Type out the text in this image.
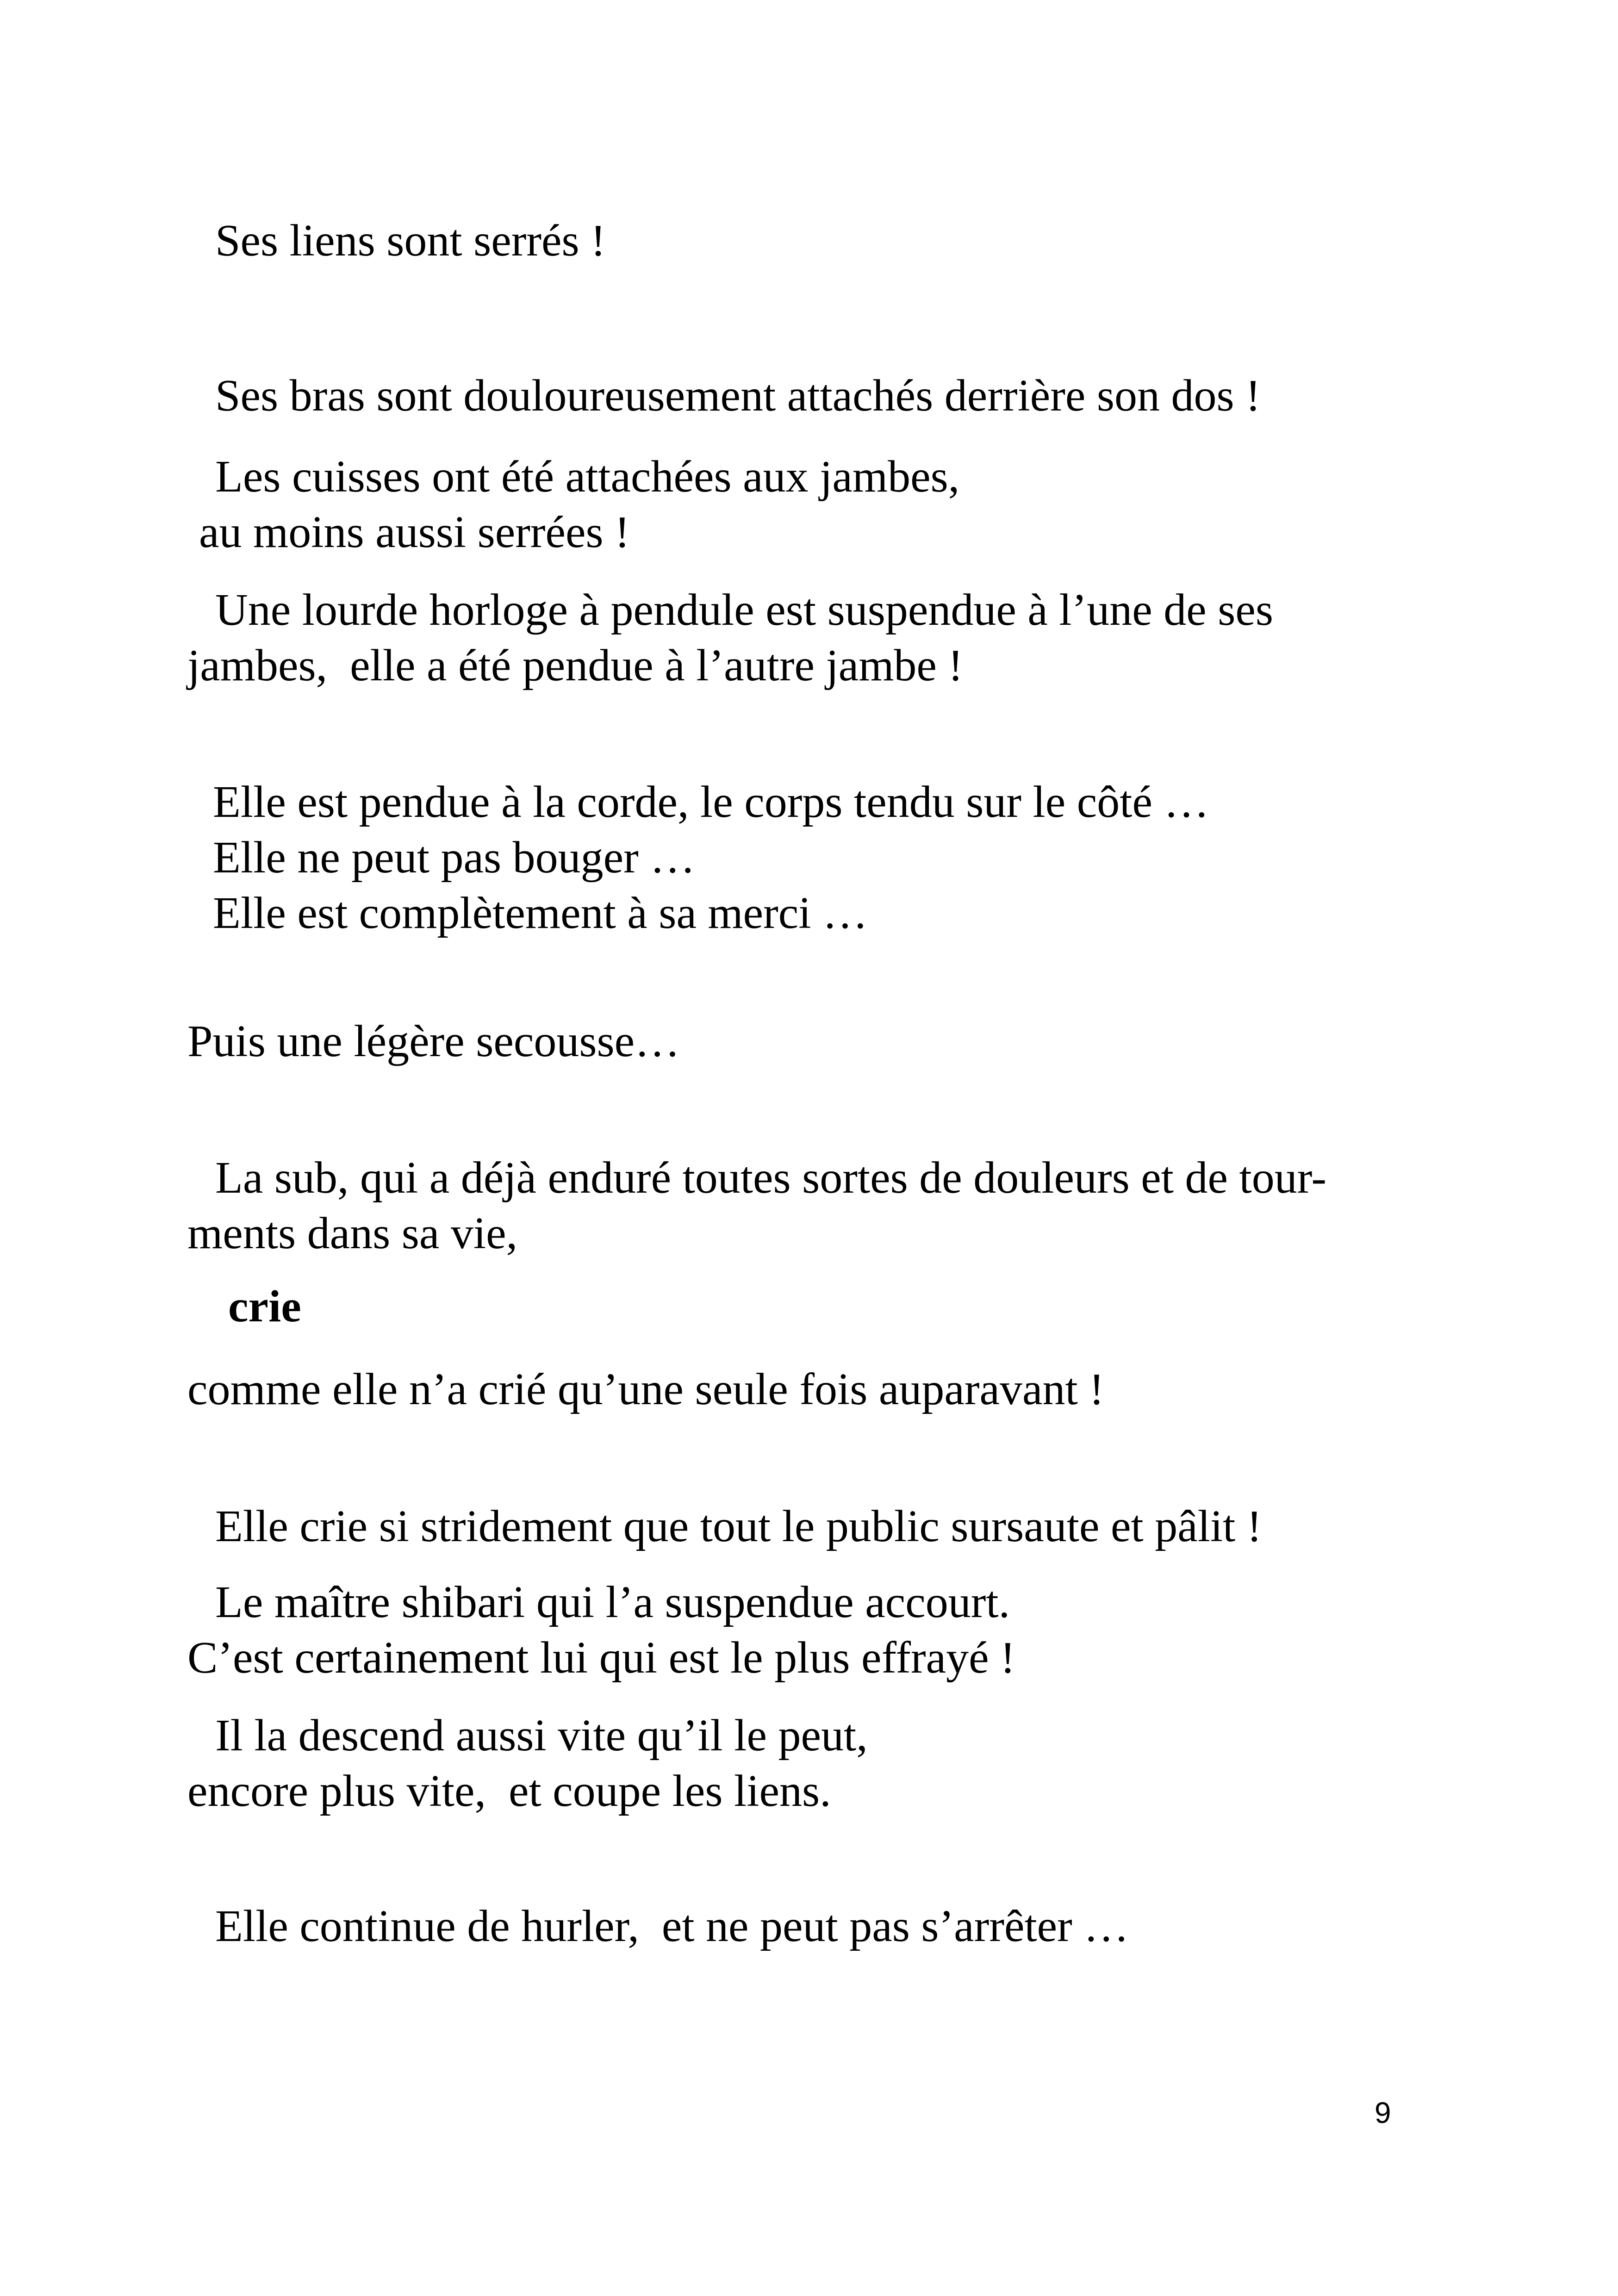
Ses liens sont serrés !
Ses bras sont douloureusement attachés derrière son dos !
Les cuisses ont été attachées aux jambes,
au moins aussi serrées !
Une lourde horloge à pendule est suspendue à l’une de ses
jambes,  elle a été pendue à l’autre jambe !
Elle est pendue à la corde, le corps tendu sur le côté …
Elle ne peut pas bouger …
Elle est complètement à sa merci …
Puis une légère secousse…
La sub, qui a déjà enduré toutes sortes de douleurs et de tour-
ments dans sa vie,
crie
comme elle n’a crié qu’une seule fois auparavant !
Elle crie si stridement que tout le public sursaute et pâlit !
Le maître shibari qui l’a suspendue accourt.
C’est certainement lui qui est le plus effrayé !
Il la descend aussi vite qu’il le peut,
encore plus vite,  et coupe les liens.
Elle continue de hurler,  et ne peut pas s’arrêter …
9
